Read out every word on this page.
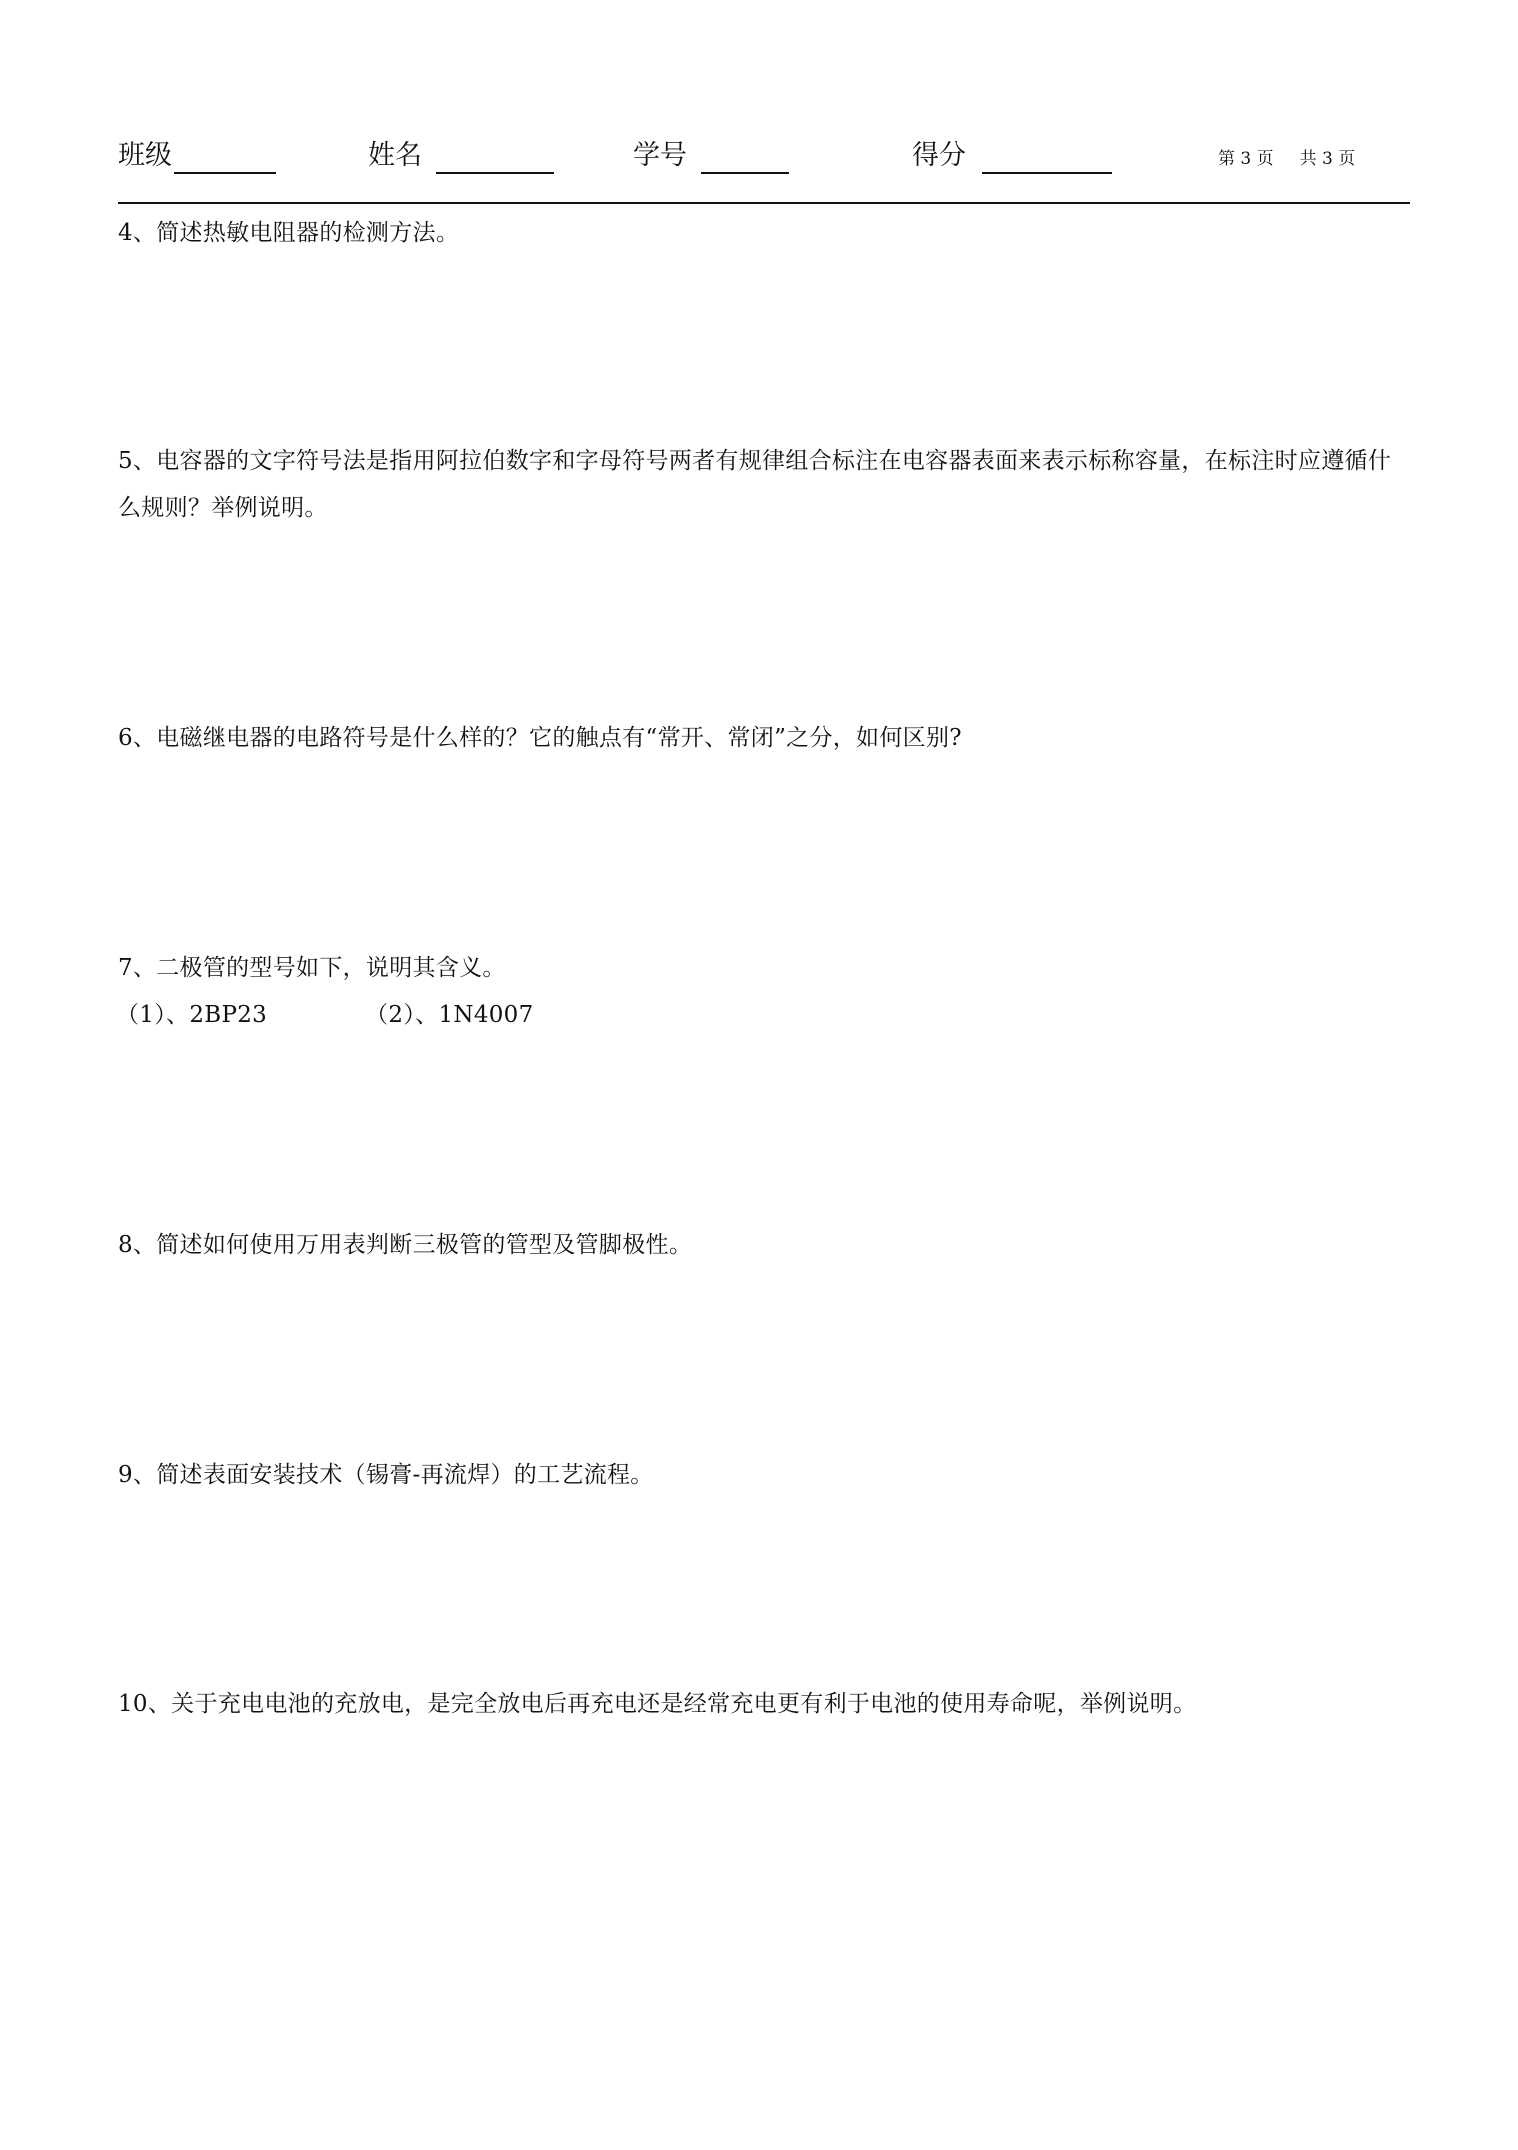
班级	姓名	学号	得分	第 3 页 共 3 页

4、简述热敏电阻器的检测方法。

5、电容器的文字符号法是指用阿拉伯数字和字母符号两者有规律组合标注在电容器表面来表示标称容量，在标注时应遵循什么规则？举例说明。

6、电磁继电器的电路符号是什么样的？它的触点有“常开、常闭”之分，如何区别?

7、二极管的型号如下，说明其含义。

（1）、2BP23	（2）、1N4007

8、简述如何使用万用表判断三极管的管型及管脚极性。

9、简述表面安装技术（锡膏-再流焊）的工艺流程。

10、关于充电电池的充放电，是完全放电后再充电还是经常充电更有利于电池的使用寿命呢，举例说明。
